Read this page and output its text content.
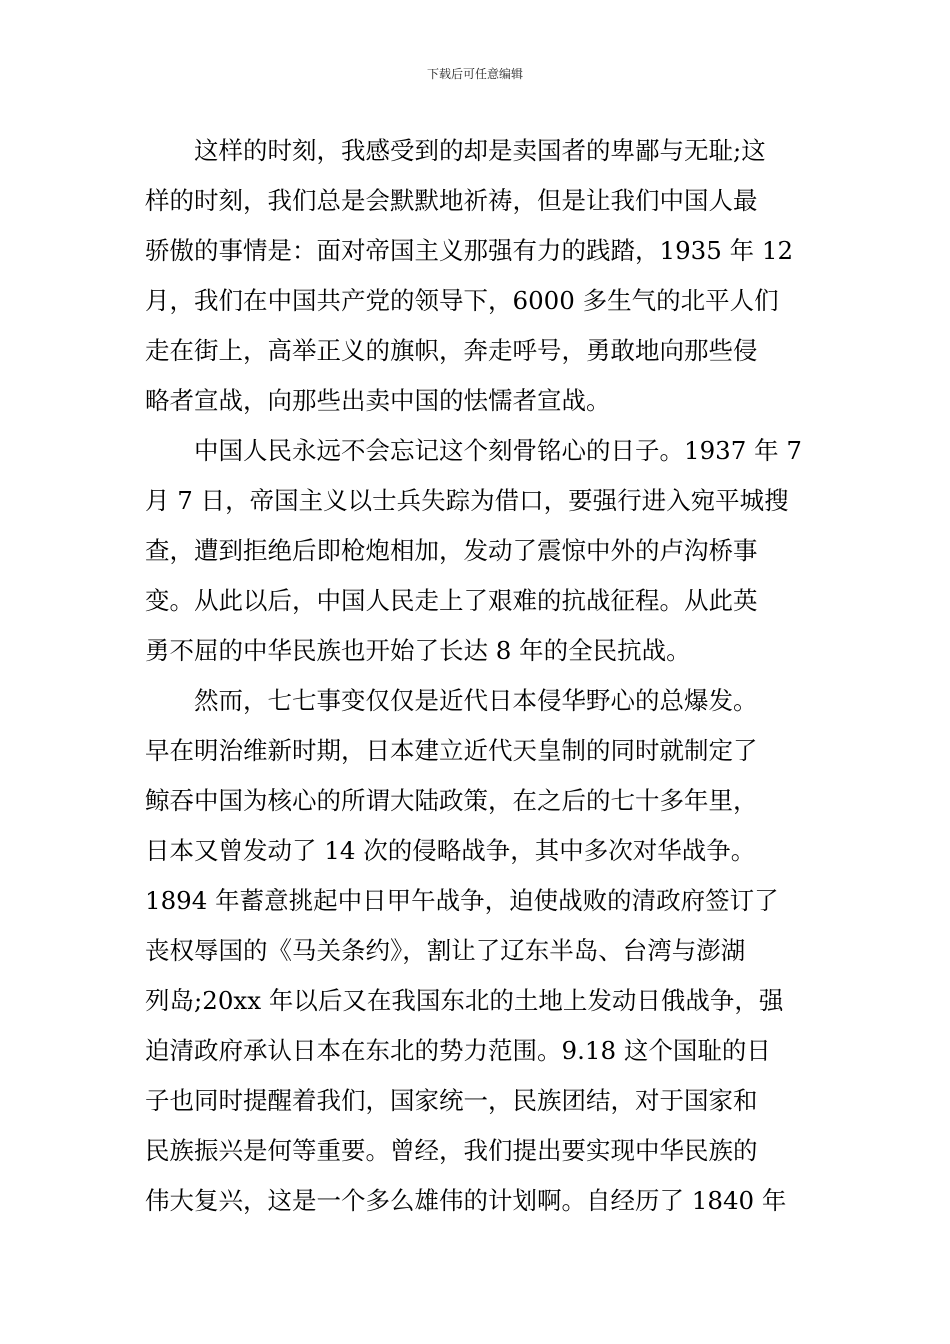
下载后可任意编辑
这样的时刻，我感受到的却是卖国者的卑鄙与无耻;这
样的时刻，我们总是会默默地祈祷，但是让我们中国人最
骄傲的事情是：面对帝国主义那强有力的践踏，1935 年 12
月，我们在中国共产党的领导下，6000 多生气的北平人们
走在街上，高举正义的旗帜，奔走呼号，勇敢地向那些侵
略者宣战，向那些出卖中国的怯懦者宣战。
中国人民永远不会忘记这个刻骨铭心的日子。1937 年 7
月 7 日，帝国主义以士兵失踪为借口，要强行进入宛平城搜
查，遭到拒绝后即枪炮相加，发动了震惊中外的卢沟桥事
变。从此以后，中国人民走上了艰难的抗战征程。从此英
勇不屈的中华民族也开始了长达 8 年的全民抗战。
然而，七七事变仅仅是近代日本侵华野心的总爆发。
早在明治维新时期，日本建立近代天皇制的同时就制定了
鲸吞中国为核心的所谓大陆政策，在之后的七十多年里，
日本又曾发动了 14 次的侵略战争，其中多次对华战争。
1894 年蓄意挑起中日甲午战争，迫使战败的清政府签订了
丧权辱国的《马关条约》，割让了辽东半岛、台湾与澎湖
列岛;20xx 年以后又在我国东北的土地上发动日俄战争，强
迫清政府承认日本在东北的势力范围。9.18 这个国耻的日
子也同时提醒着我们，国家统一，民族团结，对于国家和
民族振兴是何等重要。曾经，我们提出要实现中华民族的
伟大复兴，这是一个多么雄伟的计划啊。自经历了 1840 年
